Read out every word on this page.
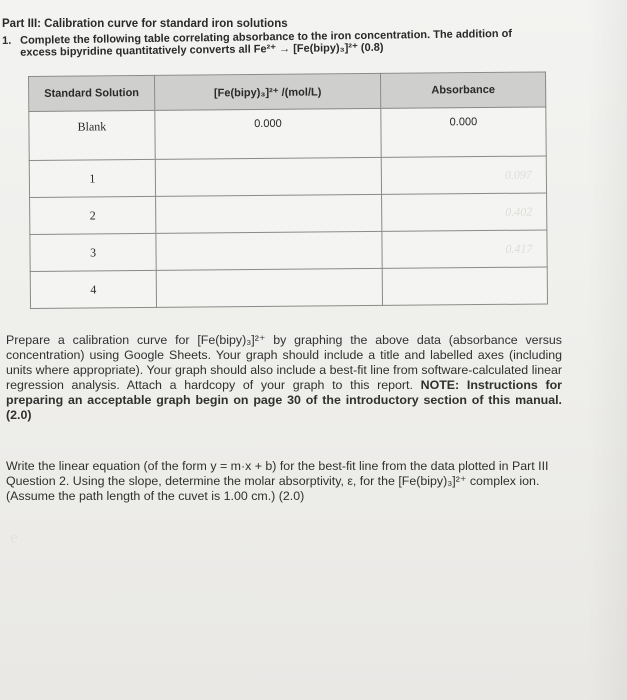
Part III: Calibration curve for standard iron solutions
1. Complete the following table correlating absorbance to the iron concentration. The addition of
excess bipyridine quantitatively converts all Fe²⁺ → [Fe(bipy)₃]²⁺ (0.8)
Standard Solution	[Fe(bipy)₃]²⁺ /(mol/L)	Absorbance
Blank	0.000	0.000
1		0.097
2		0.402
3		0.417
4		
Prepare a calibration curve for [Fe(bipy)₃]²⁺ by graphing the above data (absorbance versus concentration) using Google Sheets. Your graph should include a title and labelled axes (including units where appropriate). Your graph should also include a best-fit line from software-calculated linear regression analysis. Attach a hardcopy of your graph to this report. NOTE: Instructions for preparing an acceptable graph begin on page 30 of the introductory section of this manual. (2.0)
Write the linear equation (of the form y = m·x + b) for the best-fit line from the data plotted in Part III Question 2. Using the slope, determine the molar absorptivity, ε, for the [Fe(bipy)₃]²⁺ complex ion. (Assume the path length of the cuvet is 1.00 cm.) (2.0)
e
